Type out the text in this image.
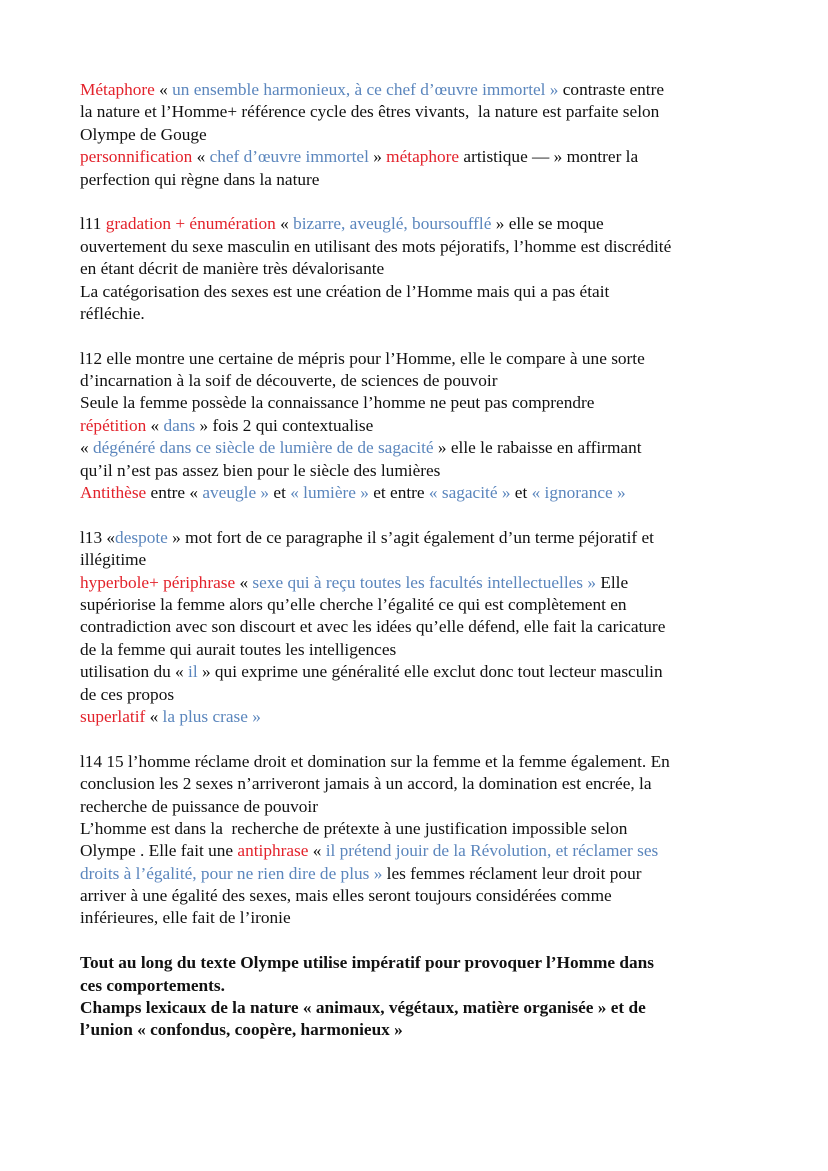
Métaphore « un ensemble harmonieux, à ce chef d’œuvre immortel » contraste entre
la nature et l’Homme+ référence cycle des êtres vivants,  la nature est parfaite selon
Olympe de Gouge
personnification « chef d’œuvre immortel » métaphore artistique — » montrer la
perfection qui règne dans la nature
l11 gradation + énumération « bizarre, aveuglé, boursoufflé » elle se moque
ouvertement du sexe masculin en utilisant des mots péjoratifs, l’homme est discrédité
en étant décrit de manière très dévalorisante
La catégorisation des sexes est une création de l’Homme mais qui a pas était
réfléchie.
l12 elle montre une certaine de mépris pour l’Homme, elle le compare à une sorte
d’incarnation à la soif de découverte, de sciences de pouvoir
Seule la femme possède la connaissance l’homme ne peut pas comprendre
répétition « dans » fois 2 qui contextualise
« dégénéré dans ce siècle de lumière de de sagacité » elle le rabaisse en affirmant
qu’il n’est pas assez bien pour le siècle des lumières
Antithèse entre « aveugle » et « lumière » et entre « sagacité » et « ignorance »
l13 «despote » mot fort de ce paragraphe il s’agit également d’un terme péjoratif et
illégitime
hyperbole+ périphrase « sexe qui à reçu toutes les facultés intellectuelles » Elle
supériorise la femme alors qu’elle cherche l’égalité ce qui est complètement en
contradiction avec son discourt et avec les idées qu’elle défend, elle fait la caricature
de la femme qui aurait toutes les intelligences
utilisation du « il » qui exprime une généralité elle exclut donc tout lecteur masculin
de ces propos
superlatif « la plus crase »
l14 15 l’homme réclame droit et domination sur la femme et la femme également. En
conclusion les 2 sexes n’arriveront jamais à un accord, la domination est encrée, la
recherche de puissance de pouvoir
L’homme est dans la  recherche de prétexte à une justification impossible selon
Olympe . Elle fait une antiphrase « il prétend jouir de la Révolution, et réclamer ses
droits à l’égalité, pour ne rien dire de plus » les femmes réclament leur droit pour
arriver à une égalité des sexes, mais elles seront toujours considérées comme
inférieures, elle fait de l’ironie
Tout au long du texte Olympe utilise impératif pour provoquer l’Homme dans
ces comportements.
Champs lexicaux de la nature « animaux, végétaux, matière organisée » et de
l’union « confondus, coopère, harmonieux »
